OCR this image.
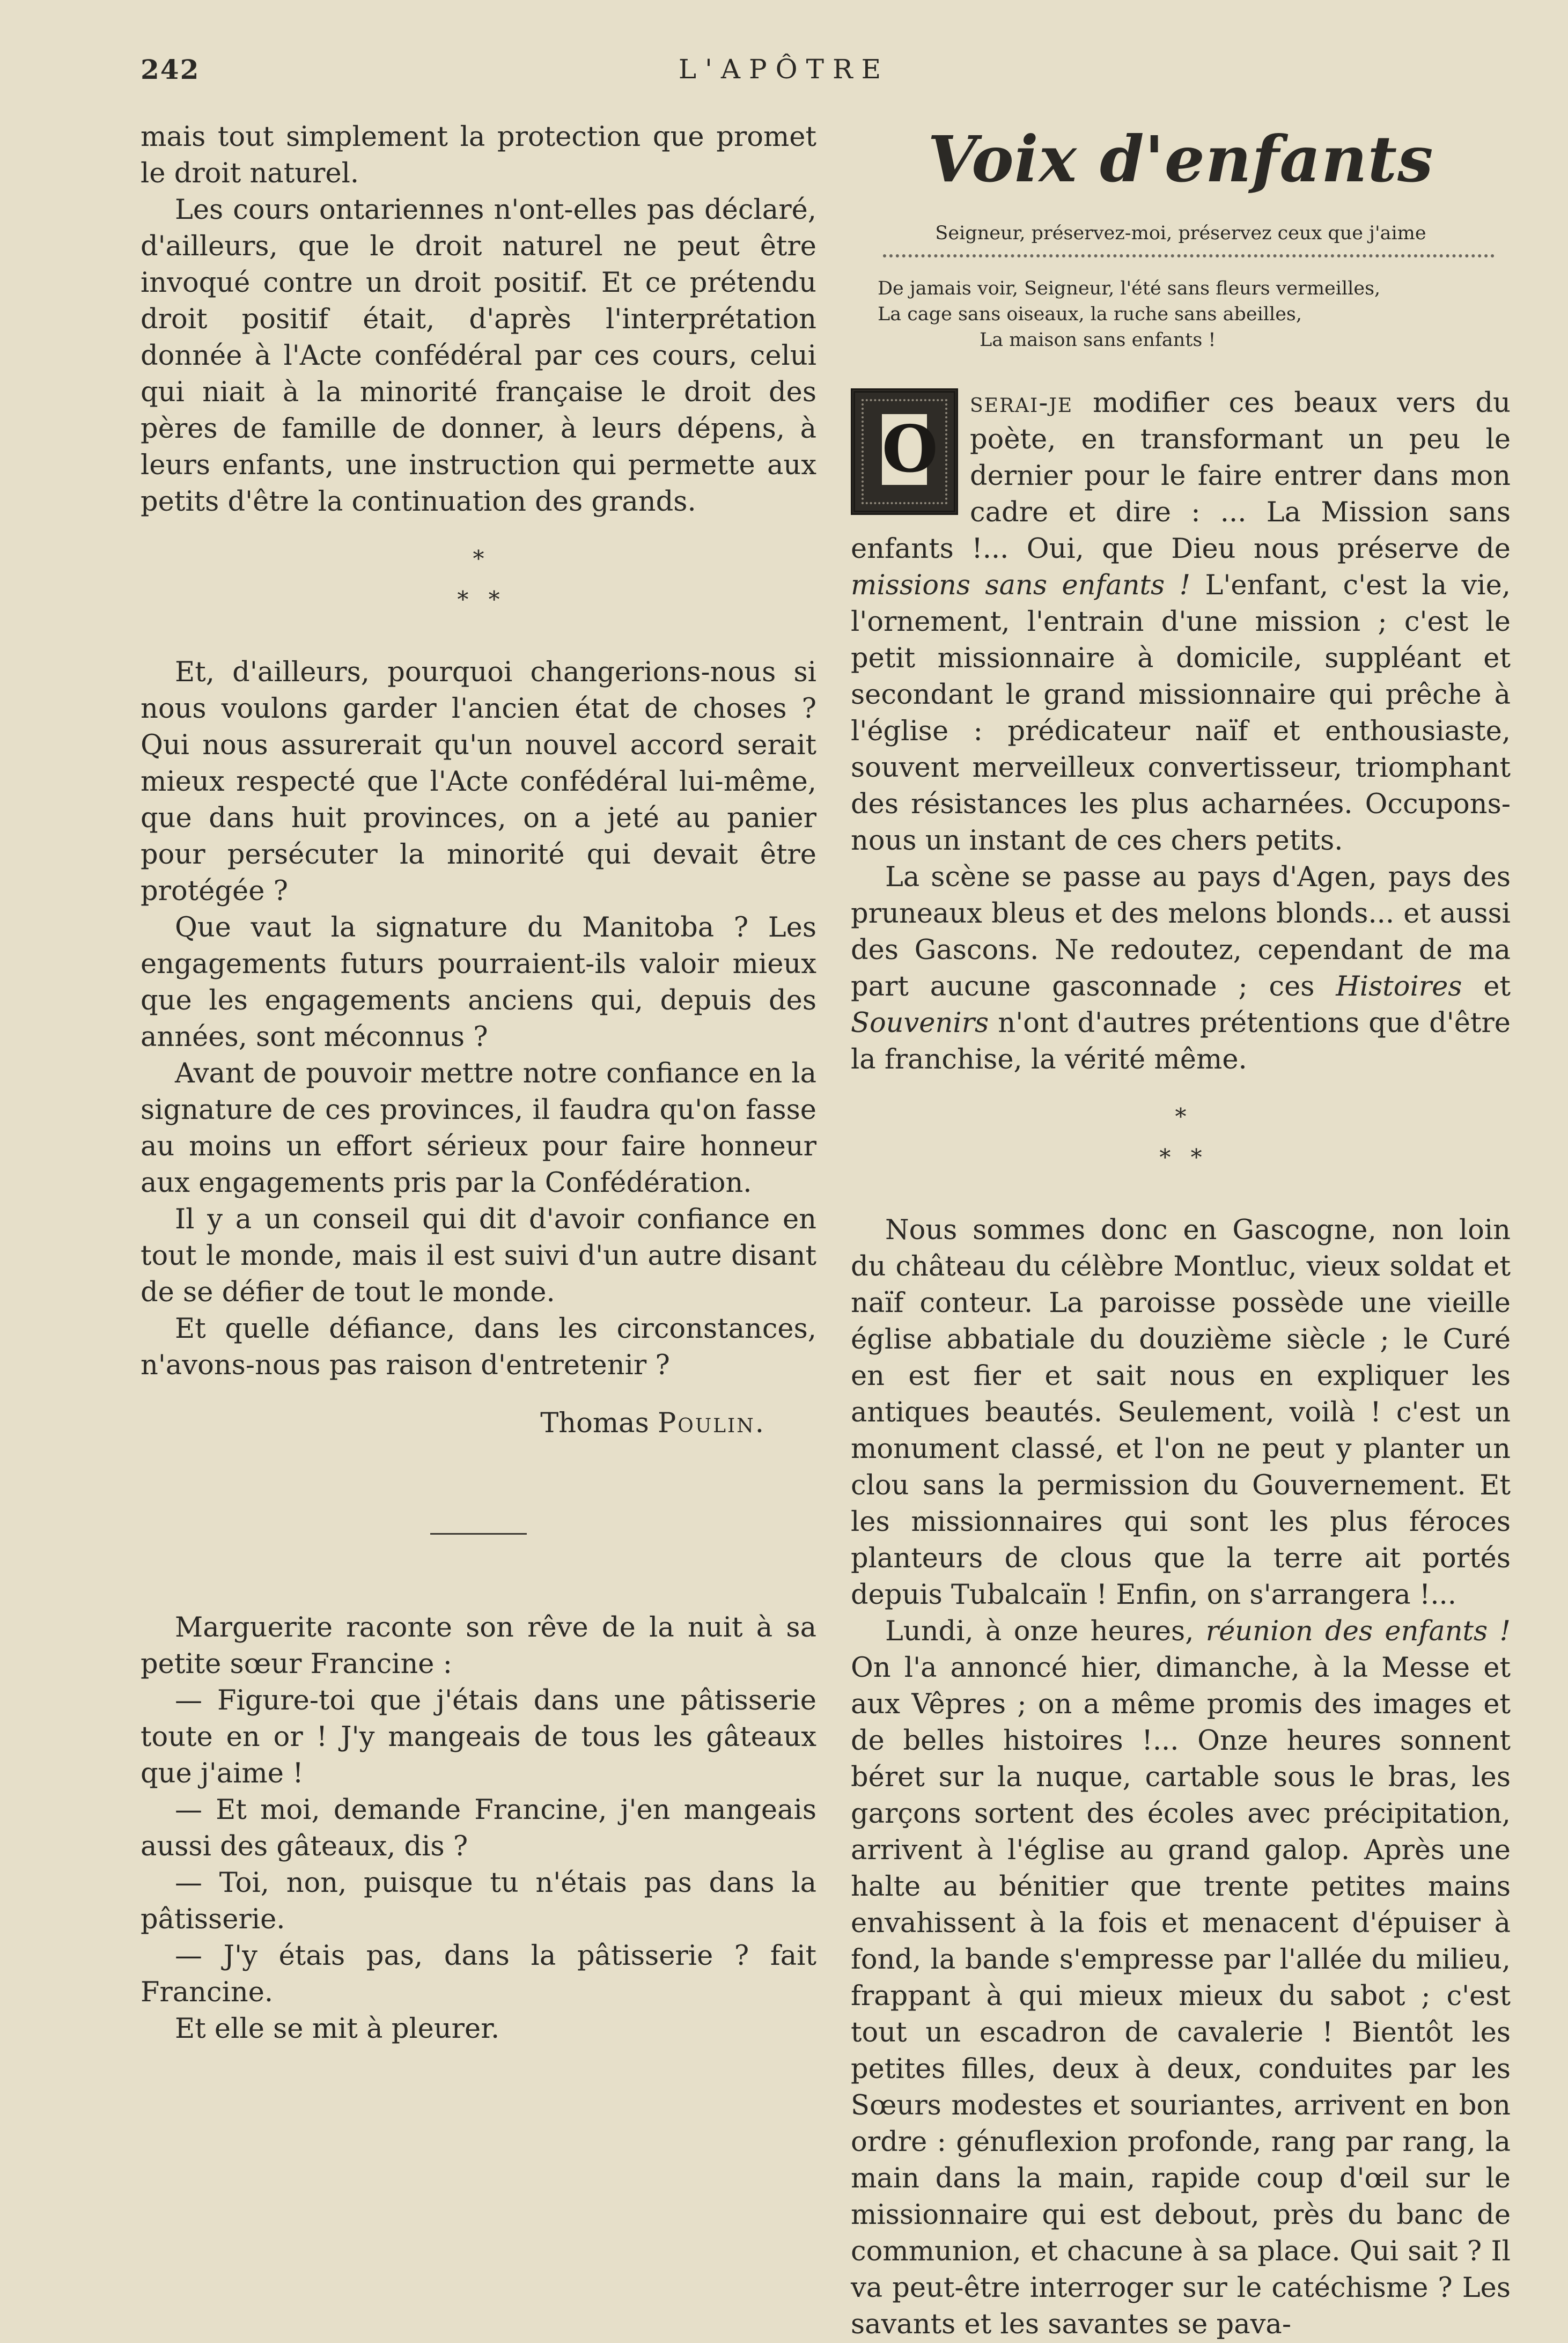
242	L'APÔTRE

mais tout simplement la protection que promet le droit naturel.

Les cours ontariennes n'ont-elles pas déclaré, d'ailleurs, que le droit naturel ne peut être invoqué contre un droit positif. Et ce prétendu droit positif était, d'après l'interprétation donnée à l'Acte confédéral par ces cours, celui qui niait à la minorité française le droit des pères de famille de donner, à leurs dépens, à leurs enfants, une instruction qui permette aux petits d'être la continuation des grands.

*
* *

Et, d'ailleurs, pourquoi changerions-nous si nous voulons garder l'ancien état de choses ? Qui nous assurerait qu'un nouvel accord serait mieux respecté que l'Acte confédéral lui-même, que dans huit provinces, on a jeté au panier pour persécuter la minorité qui devait être protégée ?

Que vaut la signature du Manitoba ? Les engagements futurs pourraient-ils valoir mieux que les engagements anciens qui, depuis des années, sont méconnus ?

Avant de pouvoir mettre notre confiance en la signature de ces provinces, il faudra qu'on fasse au moins un effort sérieux pour faire honneur aux engagements pris par la Confédération.

Il y a un conseil qui dit d'avoir confiance en tout le monde, mais il est suivi d'un autre disant de se défier de tout le monde.

Et quelle défiance, dans les circonstances, n'avons-nous pas raison d'entretenir ?

Thomas Poulin.

Marguerite raconte son rêve de la nuit à sa petite sœur Francine :

— Figure-toi que j'étais dans une pâtisserie toute en or ! J'y mangeais de tous les gâteaux que j'aime !

— Et moi, demande Francine, j'en mangeais aussi des gâteaux, dis ?

— Toi, non, puisque tu n'étais pas dans la pâtisserie.

— J'y étais pas, dans la pâtisserie ? fait Francine.

Et elle se mit à pleurer.

Voix d'enfants
Seigneur, préservez-moi, préservez ceux que j'aime
De jamais voir, Seigneur, l'été sans fleurs vermeilles,
La cage sans oiseaux, la ruche sans abeilles,
La maison sans enfants !

O
serai-je modifier ces beaux vers du poète, en transformant un peu le dernier pour le faire entrer dans mon cadre et dire : ... La Mission sans enfants !... Oui, que Dieu nous préserve de missions sans enfants ! L'enfant, c'est la vie, l'ornement, l'entrain d'une mission ; c'est le petit missionnaire à domicile, suppléant et secondant le grand missionnaire qui prêche à l'église : prédicateur naïf et enthousiaste, souvent merveilleux convertisseur, triomphant des résistances les plus acharnées. Occupons-nous un instant de ces chers petits.

La scène se passe au pays d'Agen, pays des pruneaux bleus et des melons blonds... et aussi des Gascons. Ne redoutez, cependant de ma part aucune gasconnade ; ces Histoires et Souvenirs n'ont d'autres prétentions que d'être la franchise, la vérité même.

*
* *

Nous sommes donc en Gascogne, non loin du château du célèbre Montluc, vieux soldat et naïf conteur. La paroisse possède une vieille église abbatiale du douzième siècle ; le Curé en est fier et sait nous en expliquer les antiques beautés. Seulement, voilà ! c'est un monument classé, et l'on ne peut y planter un clou sans la permission du Gouvernement. Et les missionnaires qui sont les plus féroces planteurs de clous que la terre ait portés depuis Tubalcaïn ! Enfin, on s'arrangera !...

Lundi, à onze heures, réunion des enfants ! On l'a annoncé hier, dimanche, à la Messe et aux Vêpres ; on a même promis des images et de belles histoires !... Onze heures sonnent béret sur la nuque, cartable sous le bras, les garçons sortent des écoles avec précipitation, arrivent à l'église au grand galop. Après une halte au bénitier que trente petites mains envahissent à la fois et menacent d'épuiser à fond, la bande s'empresse par l'allée du milieu, frappant à qui mieux mieux du sabot ; c'est tout un escadron de cavalerie ! Bientôt les petites filles, deux à deux, conduites par les Sœurs modestes et souriantes, arrivent en bon ordre : génuflexion profonde, rang par rang, la main dans la main, rapide coup d'œil sur le missionnaire qui est debout, près du banc de communion, et chacune à sa place. Qui sait ? Il va peut-être interroger sur le catéchisme ? Les savants et les savantes se pava-
